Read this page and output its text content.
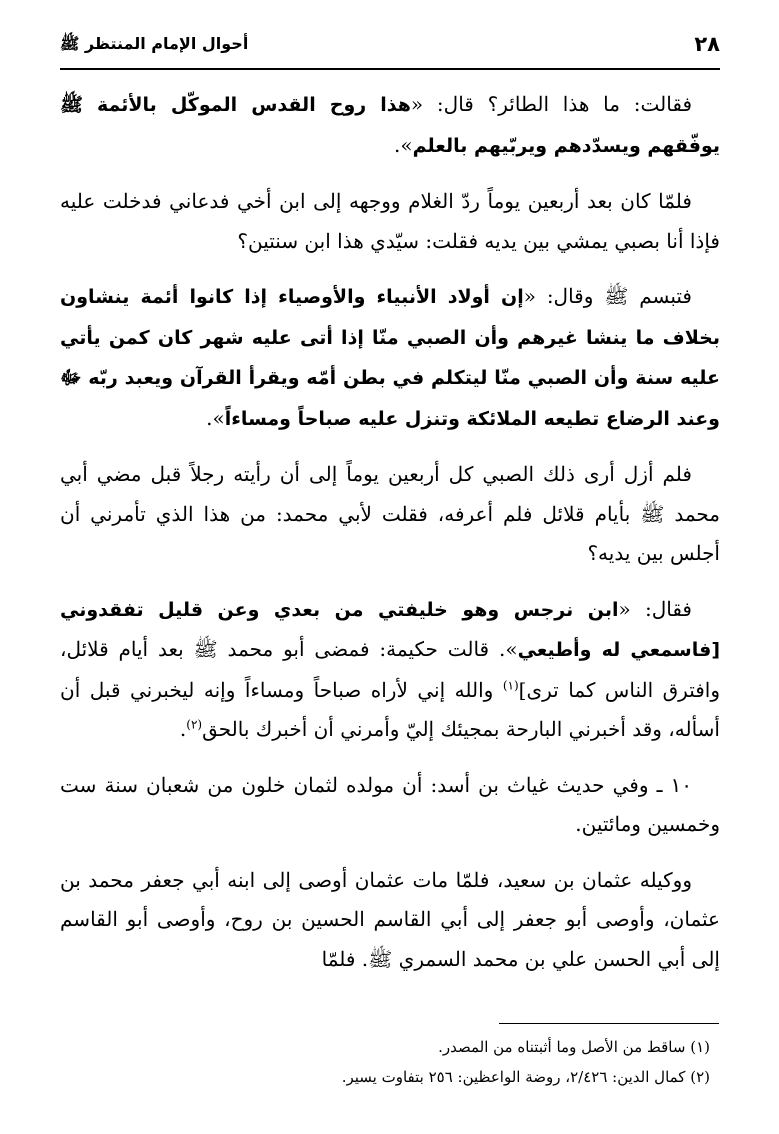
٢٨
أحوال الإمام المنتظر ﷺ

فقالت: ما هذا الطائر؟ قال: «هذا روح القدس الموكّل بالأئمة ﷺ يوفّقهم ويسدّدهم ويربّيهم بالعلم».

فلمّا كان بعد أربعين يوماً ردّ الغلام ووجهه إلى ابن أخي فدعاني فدخلت عليه فإذا أنا بصبي يمشي بين يديه فقلت: سيّدي هذا ابن سنتين؟

فتبسم ﷺ وقال: «إن أولاد الأنبياء والأوصياء إذا كانوا أئمة ينشاون بخلاف ما ينشا غيرهم وأن الصبي منّا إذا أتى عليه شهر كان كمن يأتي عليه سنة وأن الصبي منّا ليتكلم في بطن أمّه ويقرأ القرآن ويعبد ربّه ﷻ وعند الرضاع تطيعه الملائكة وتنزل عليه صباحاً ومساءاً».

فلم أزل أرى ذلك الصبي كل أربعين يوماً إلى أن رأيته رجلاً قبل مضي أبي محمد ﷺ بأيام قلائل فلم أعرفه، فقلت لأبي محمد: من هذا الذي تأمرني أن أجلس بين يديه؟

فقال: «ابن نرجس وهو خليفتي من بعدي وعن قليل تفقدوني [فاسمعي له وأطيعي». قالت حكيمة: فمضى أبو محمد ﷺ بعد أيام قلائل، وافترق الناس كما ترى]$^{(١)}$ والله إني لأراه صباحاً ومساءاً وإنه ليخبرني قبل أن أسأله، وقد أخبرني البارحة بمجيئك إليّ وأمرني أن أخبرك بالحق$^{(٢)}$.

١٠ ـ وفي حديث غياث بن أسد: أن مولده لثمان خلون من شعبان سنة ست وخمسين ومائتين.

ووكيله عثمان بن سعيد، فلمّا مات عثمان أوصى إلى ابنه أبي جعفر محمد بن عثمان، وأوصى أبو جعفر إلى أبي القاسم الحسين بن روح، وأوصى أبو القاسم إلى أبي الحسن علي بن محمد السمري ﷺ. فلمّا

(١) ساقط من الأصل وما أثبتناه من المصدر.
(٢) كمال الدين: ٢/٤٢٦، روضة الواعظين: ٢٥٦ بتفاوت يسير.
